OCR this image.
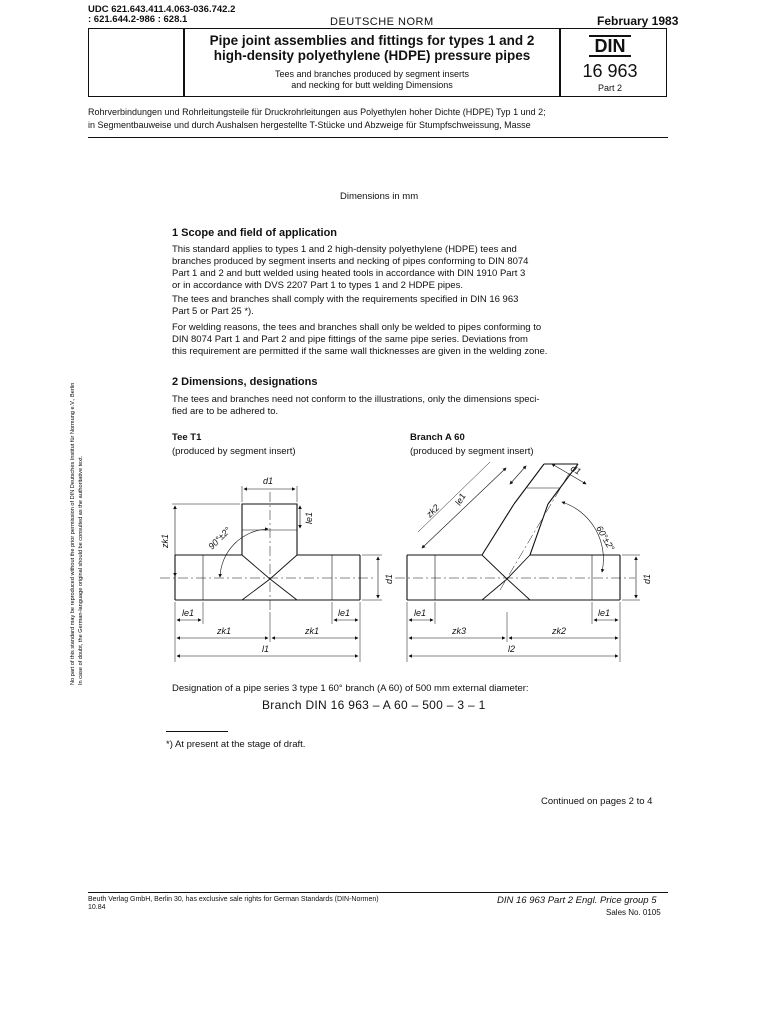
UDC 621.643.411.4.063-036.742.2
: 621.644.2-986 : 628.1	DEUTSCHE NORM	February 1983
Pipe joint assemblies and fittings for types 1 and 2
high-density polyethylene (HDPE) pressure pipes
Tees and branches produced by segment inserts
and necking for butt welding Dimensions
DIN
16 963
Part 2
Rohrverbindungen und Rohrleitungsteile für Druckrohrleitungen aus Polyethylen hoher Dichte (HDPE) Typ 1 und 2;
in Segmentbauweise und durch Aushalsen hergestellte T-Stücke und Abzweige für Stumpfschweissung, Masse
Dimensions in mm
No part of this standard may be reproduced without the prior permission of DIN Deutsches Institut für Normung e.V., Berlin In case of doubt, the German-language original should be consulted as the authoritative text.
1 Scope and field of application
This standard applies to types 1 and 2 high-density polyethylene (HDPE) tees and
branches produced by segment inserts and necking of pipes conforming to DIN 8074
Part 1 and 2 and butt welded using heated tools in accordance with DIN 1910 Part 3
or in accordance with DVS 2207 Part 1 to types 1 and 2 HDPE pipes.
The tees and branches shall comply with the requirements specified in DIN 16 963
Part 5 or Part 25 *).
For welding reasons, the tees and branches shall only be welded to pipes conforming to
DIN 8074 Part 1 and Part 2 and pipe fittings of the same pipe series. Deviations from
this requirement are permitted if the same wall thicknesses are given in the welding zone.
2 Dimensions, designations
The tees and branches need not conform to the illustrations, only the dimensions speci-
fied are to be adhered to.
Tee T1
(produced by segment insert)
Branch A 60
(produced by segment insert)
d1
zk1
le1
d1
90°±2°
le1	le1
zk1	zk1
l1
zk2
le1
d1
60°±2°
d1
le1	le1
zk3	zk2
l2
Designation of a pipe series 3 type 1 60° branch (A 60) of 500 mm external diameter:
Branch DIN 16 963 – A 60 – 500 – 3 – 1
*) At present at the stage of draft.
Continued on pages 2 to 4
Beuth Verlag GmbH, Berlin 30, has exclusive sale rights for German Standards (DIN-Normen)
10.84
DIN 16 963 Part 2 Engl. Price group 5
Sales No. 0105
